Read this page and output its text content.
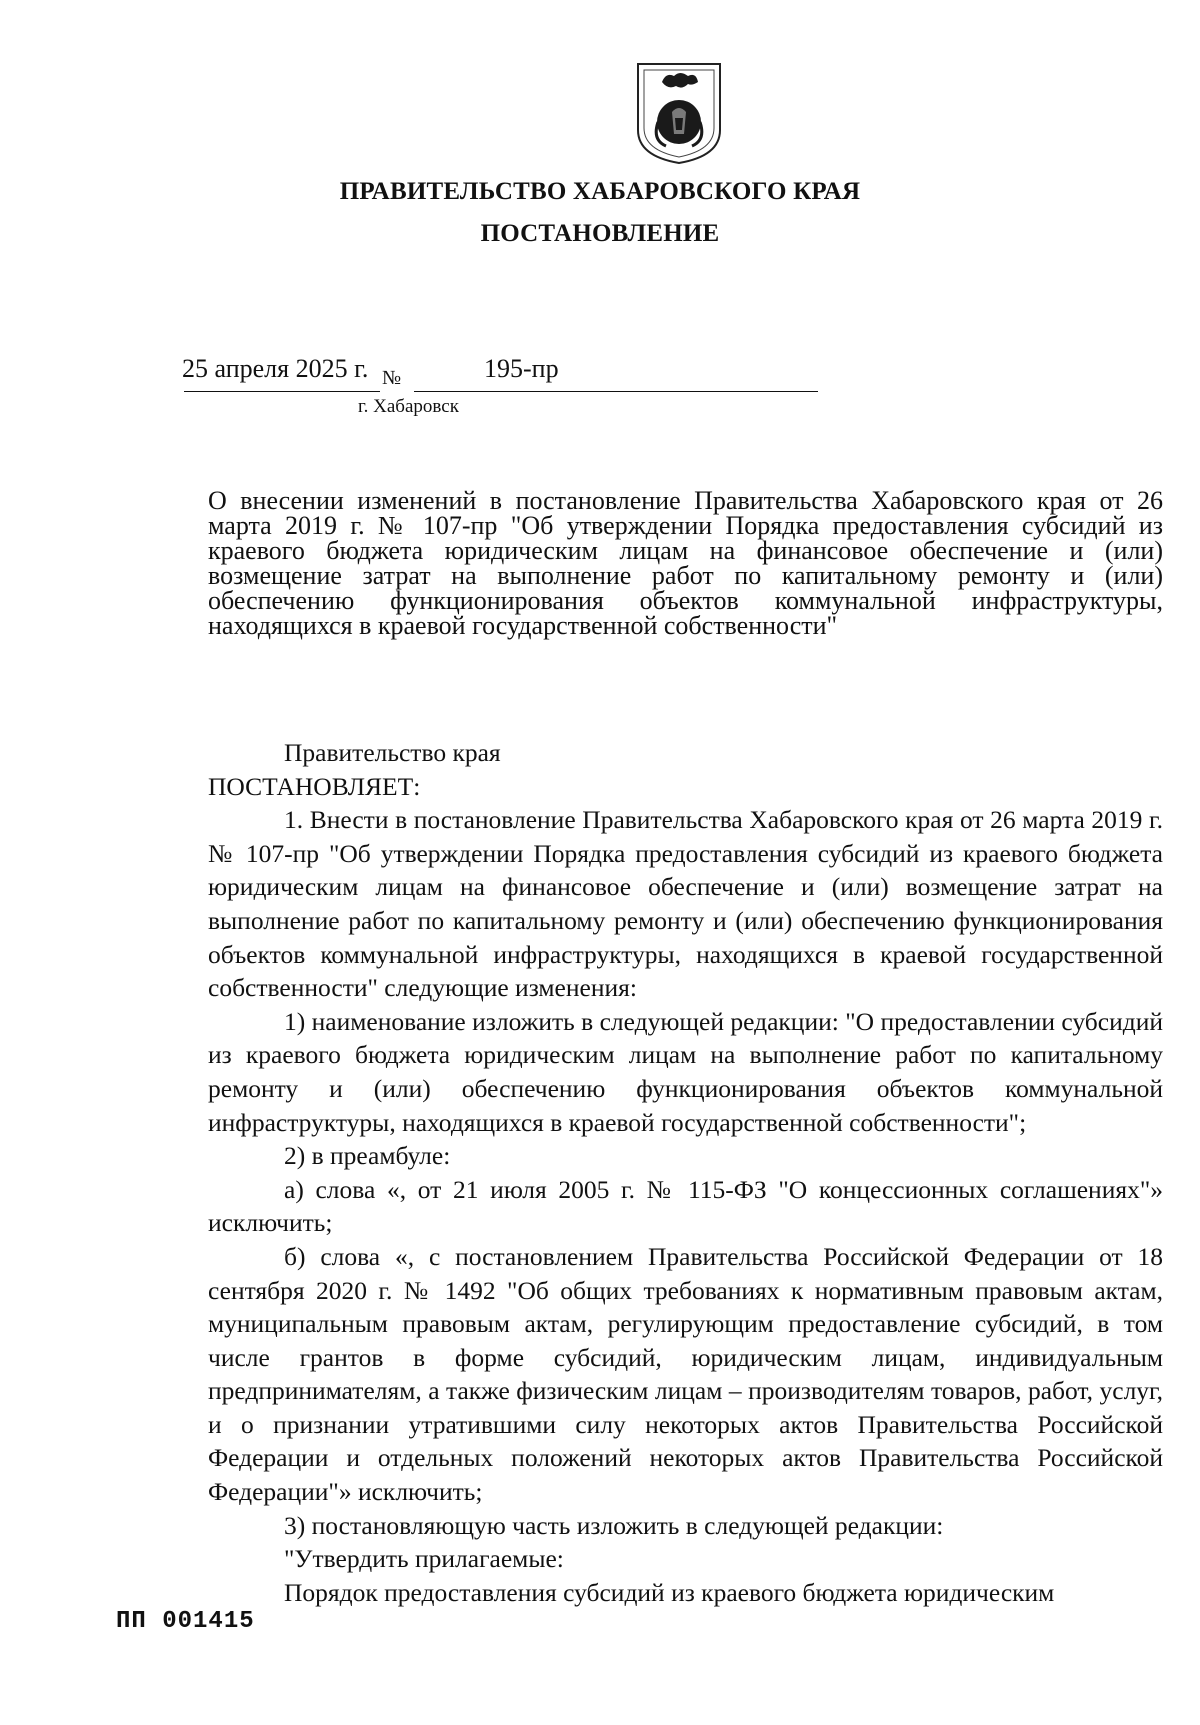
ПРАВИТЕЛЬСТВО ХАБАРОВСКОГО КРАЯ
ПОСТАНОВЛЕНИЕ
25 апреля 2025 г. №	195-пр
г. Хабаровск
О внесении изменений в постановление Правительства Хабаровского края от 26 марта 2019 г. № 107-пр "Об утверждении Порядка предоставления субсидий из краевого бюджета юридическим лицам на финансовое обеспечение и (или) возмещение затрат на выполнение работ по капитальному ремонту и (или) обеспечению функционирования объектов коммунальной инфраструктуры, находящихся в краевой государственной собственности"

Правительство края

ПОСТАНОВЛЯЕТ:

1. Внести в постановление Правительства Хабаровского края от 26 марта 2019 г. № 107-пр "Об утверждении Порядка предоставления субсидий из краевого бюджета юридическим лицам на финансовое обеспечение и (или) возмещение затрат на выполнение работ по капитальному ремонту и (или) обеспечению функционирования объектов коммунальной инфраструктуры, находящихся в краевой государственной собственности" следующие изменения:

1) наименование изложить в следующей редакции: "О предоставлении субсидий из краевого бюджета юридическим лицам на выполнение работ по капитальному ремонту и (или) обеспечению функционирования объектов коммунальной инфраструктуры, находящихся в краевой государственной собственности";

2) в преамбуле:

а) слова «, от 21 июля 2005 г. № 115-ФЗ "О концессионных соглашениях"» исключить;

б) слова «, с постановлением Правительства Российской Федерации от 18 сентября 2020 г. № 1492 "Об общих требованиях к нормативным правовым актам, муниципальным правовым актам, регулирующим предоставление субсидий, в том числе грантов в форме субсидий, юридическим лицам, индивидуальным предпринимателям, а также физическим лицам – производителям товаров, работ, услуг, и о признании утратившими силу некоторых актов Правительства Российской Федерации и отдельных положений некоторых актов Правительства Российской Федерации"» исключить;

3) постановляющую часть изложить в следующей редакции:

"Утвердить прилагаемые:

Порядок предоставления субсидий из краевого бюджета юридическим

ПП 001415
